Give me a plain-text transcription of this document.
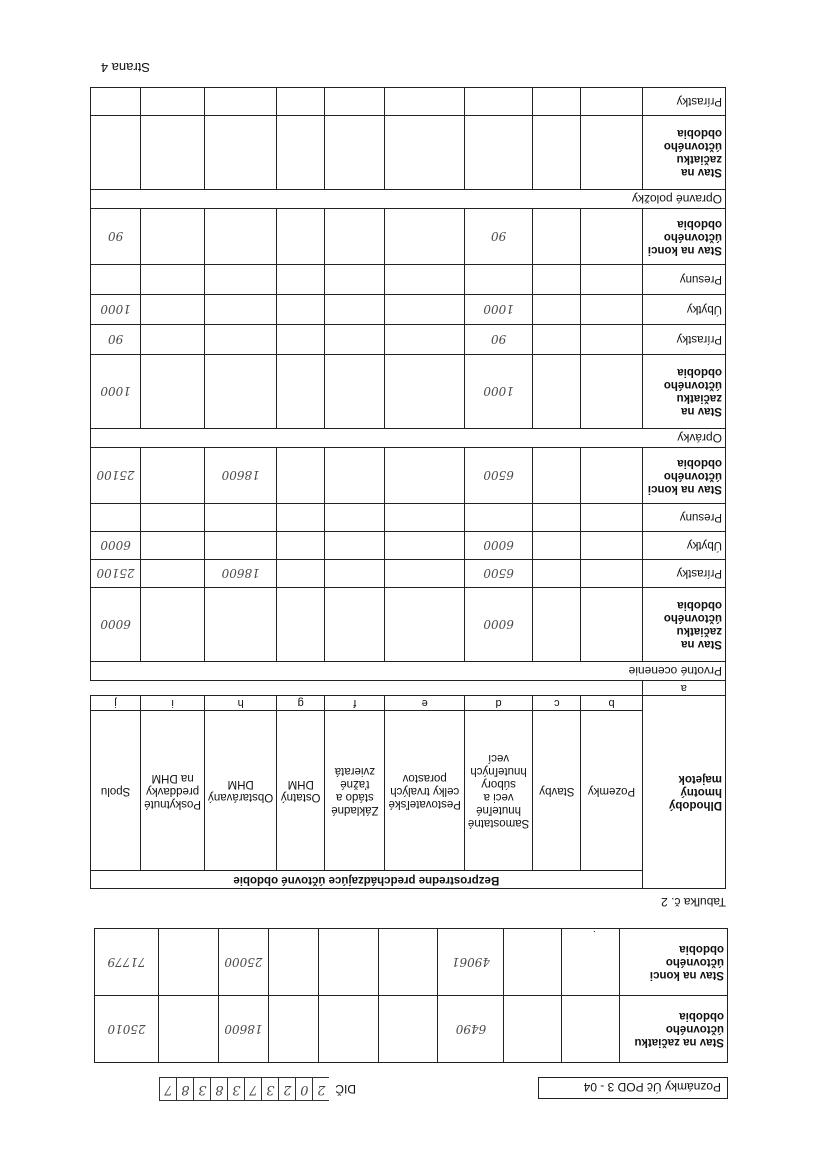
Poznámky Úč POD 3 - 04
DIČ
2
0
2
3
7
3
8
3
8
7
Stav na začiatku účtovného obdobia			6490				18600		25010
Stav na konci účtovného obdobia			49061				25000		71779
·
Tabuľka č. 2
Dlhodobý hmotný majetok	Bezprostredne predchádzajúce účtovné obdobie								
	Pozemky	Stavby	Samostatné hnuteľné veci a súbory hnuteľných vecí	Pestovateľské celky trvalých porastov	Základné stádo a ťažné zvieratá	Ostatný DHM	Obstarávaný DHM	Poskytnuté preddavky na DHM	Spolu
	b	c	d	e	f	g	h	i	j
a									
Prvotné ocenenie									
Stav na začiatku účtovného obdobia			6000						6000
Prírastky			6500				18600		25100
Úbytky			6000						6000
Presuny									
Stav na konci účtovného obdobia			6500				18600		25100
Oprávky									
Stav na začiatku účtovného obdobia			1000						1000
Prírastky			90						90
Úbytky			1000						1000
Presuny									
Stav na konci účtovného obdobia			90						90
Opravné položky									
Stav na začiatku účtovného obdobia									
Prírastky									
Strana 4
